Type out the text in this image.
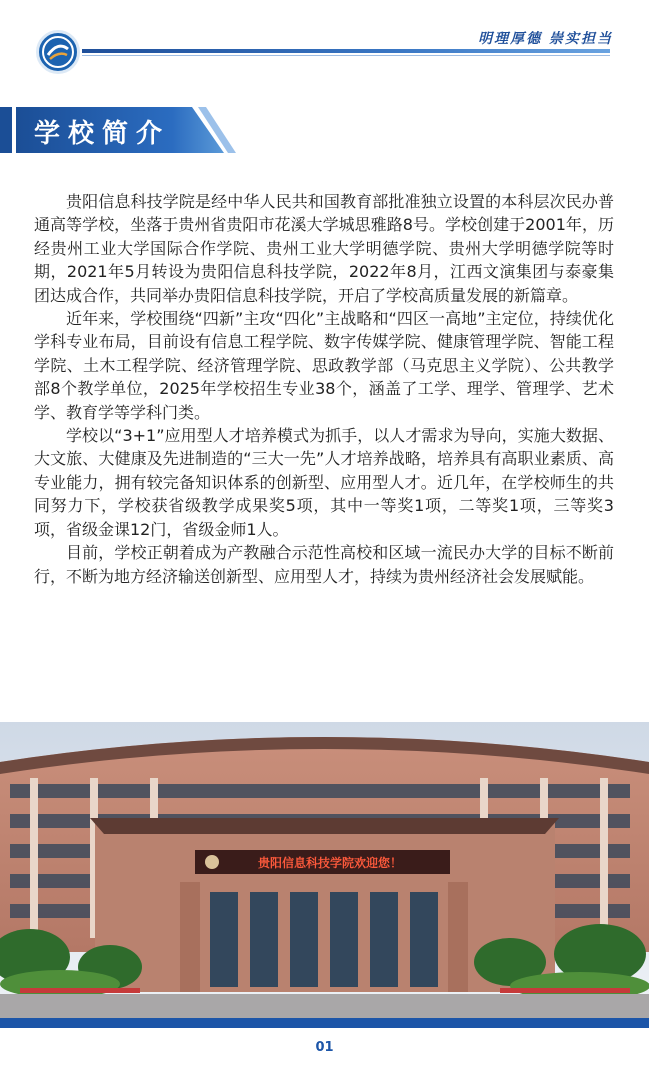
明理厚德 崇实担当
学校简介

贵阳信息科技学院是经中华人民共和国教育部批准独立设置的本科层次民办普通高等学校，坐落于贵州省贵阳市花溪大学城思雅路8号。学校创建于2001年，历经贵州工业大学国际合作学院、贵州工业大学明德学院、贵州大学明德学院等时期，2021年5月转设为贵阳信息科技学院，2022年8月，江西文演集团与泰豪集团达成合作，共同举办贵阳信息科技学院，开启了学校高质量发展的新篇章。

近年来，学校围绕“四新”主攻“四化”主战略和“四区一高地”主定位，持续优化学科专业布局，目前设有信息工程学院、数字传媒学院、健康管理学院、智能工程学院、土木工程学院、经济管理学院、思政教学部（马克思主义学院）、公共教学部8个教学单位，2025年学校招生专业38个，涵盖了工学、理学、管理学、艺术学、教育学等学科门类。

学校以“3+1”应用型人才培养模式为抓手，以人才需求为导向，实施大数据、大文旅、大健康及先进制造的“三大一先”人才培养战略，培养具有高职业素质、高专业能力，拥有较完备知识体系的创新型、应用型人才。近几年，在学校师生的共同努力下，学校获省级教学成果奖5项，其中一等奖1项，二等奖1项，三等奖3项，省级金课12门，省级金师1人。

目前，学校正朝着成为产教融合示范性高校和区域一流民办大学的目标不断前行，不断为地方经济输送创新型、应用型人才，持续为贵州经济社会发展赋能。

贵阳信息科技学院欢迎您！
01
